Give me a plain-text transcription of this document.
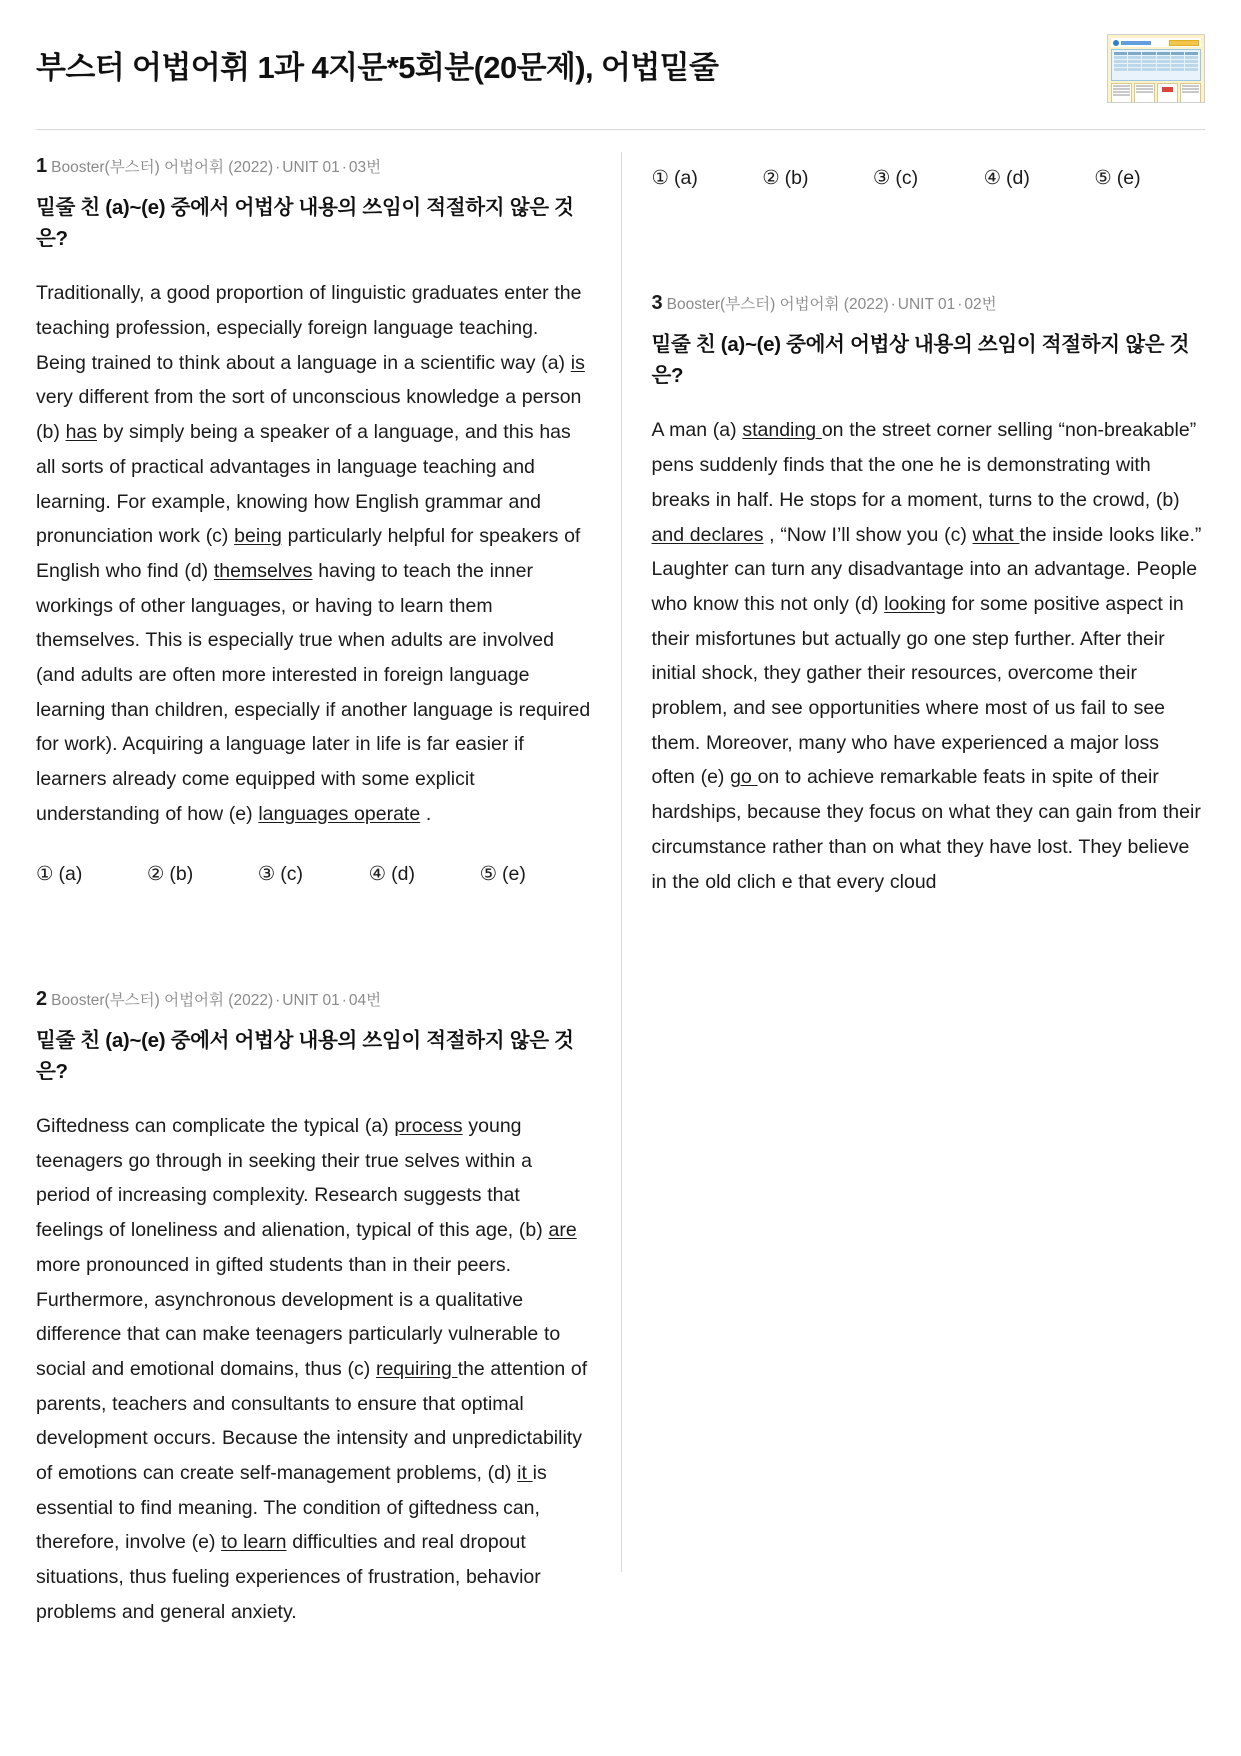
부스터 어법어휘 1과 4지문*5회분(20문제), 어법밑줄

1 Booster(부스터) 어법어휘 (2022) · UNIT 01 · 03번

밑줄 친 (a)~(e) 중에서 어법상 내용의 쓰임이 적절하지 않은 것은?

Traditionally, a good proportion of linguistic graduates enter the teaching profession, especially foreign language teaching. Being trained to think about a language in a scientific way (a) is very different from the sort of unconscious knowledge a person (b) has by simply being a speaker of a language, and this has all sorts of practical advantages in language teaching and learning. For example, knowing how English grammar and pronunciation work (c) being particularly helpful for speakers of English who find (d) themselves having to teach the inner workings of other languages, or having to learn them themselves. This is especially true when adults are involved (and adults are often more interested in foreign language learning than children, especially if another language is required for work). Acquiring a language later in life is far easier if learners already come equipped with some explicit understanding of how (e) languages operate .

① (a)	② (b)	③ (c)	④ (d)	⑤ (e)

2 Booster(부스터) 어법어휘 (2022) · UNIT 01 · 04번

밑줄 친 (a)~(e) 중에서 어법상 내용의 쓰임이 적절하지 않은 것은?

Giftedness can complicate the typical (a) process young teenagers go through in seeking their true selves within a period of increasing complexity. Research suggests that feelings of loneliness and alienation, typical of this age, (b) are more pronounced in gifted students than in their peers. Furthermore, asynchronous development is a qualitative difference that can make teenagers particularly vulnerable to social and emotional domains, thus (c) requiring the attention of parents, teachers and consultants to ensure that optimal development occurs. Because the intensity and unpredictability of emotions can create self-management problems, (d) it is essential to find meaning. The condition of giftedness can, therefore, involve (e) to learn difficulties and real dropout situations, thus fueling experiences of frustration, behavior problems and general anxiety.

① (a)	② (b)	③ (c)	④ (d)	⑤ (e)

3 Booster(부스터) 어법어휘 (2022) · UNIT 01 · 02번

밑줄 친 (a)~(e) 중에서 어법상 내용의 쓰임이 적절하지 않은 것은?

A man (a) standing on the street corner selling “non-breakable” pens suddenly finds that the one he is demonstrating with breaks in half. He stops for a moment, turns to the crowd, (b) and declares , “Now I’ll show you (c) what the inside looks like.” Laughter can turn any disadvantage into an advantage. People who know this not only (d) looking for some positive aspect in their misfortunes but actually go one step further. After their initial shock, they gather their resources, overcome their problem, and see opportunities where most of us fail to see them. Moreover, many who have experienced a major loss often (e) go on to achieve remarkable feats in spite of their hardships, because they focus on what they can gain from their circumstance rather than on what they have lost. They believe in the old clich e that every cloud
